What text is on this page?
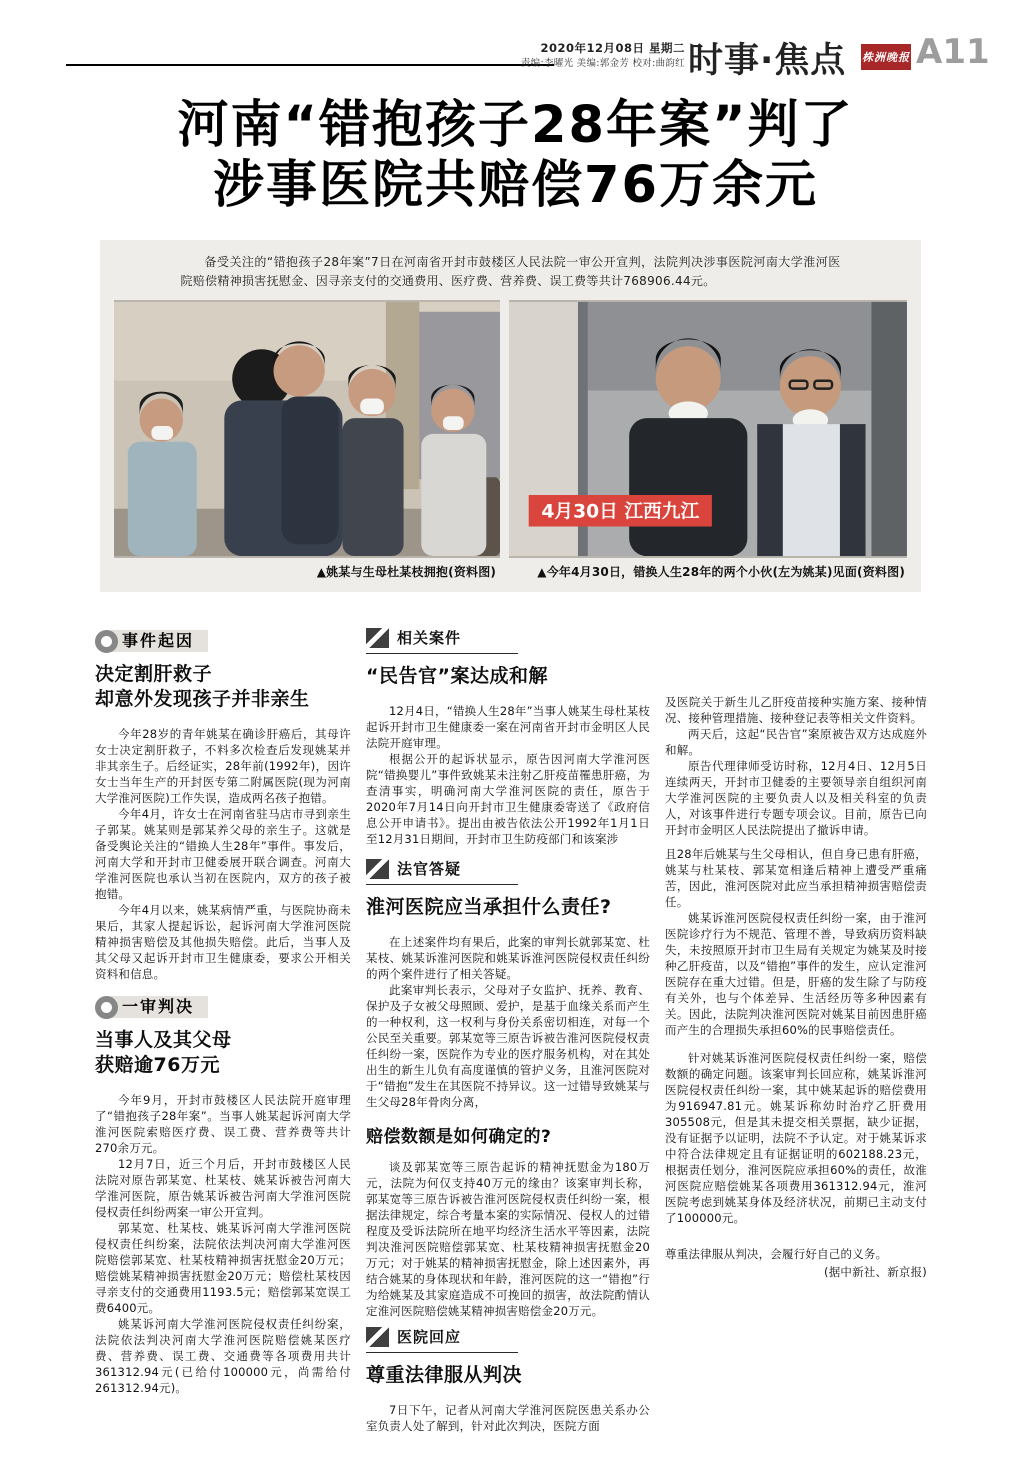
2020年12月08日 星期二
责编:李曜光 美编:郭金芳 校对:曲韵红 时事·焦点 株洲晚报 A11
河南“错抱孩子28年案”判了
涉事医院共赔偿76万余元

备受关注的“错抱孩子28年案”7日在河南省开封市鼓楼区人民法院一审公开宣判，法院判决涉事医院河南大学淮河医院赔偿精神损害抚慰金、因寻亲支付的交通费用、医疗费、营养费、误工费等共计768906.44元。

4月30日 江西九江
▲姚某与生母杜某枝拥抱(资料图)	▲今年4月30日，错换人生28年的两个小伙(左为姚某)见面(资料图)
事件起因
决定割肝救子
却意外发现孩子并非亲生

今年28岁的青年姚某在确诊肝癌后，其母许女士决定割肝救子，不料多次检查后发现姚某并非其亲生子。后经证实，28年前(1992年)，因许女士当年生产的开封医专第二附属医院(现为河南大学淮河医院)工作失误，造成两名孩子抱错。

今年4月，许女士在河南省驻马店市寻到亲生子郭某。姚某则是郭某养父母的亲生子。这就是备受舆论关注的“错换人生28年”事件。事发后，河南大学和开封市卫健委展开联合调查。河南大学淮河医院也承认当初在医院内，双方的孩子被抱错。

今年4月以来，姚某病情严重，与医院协商未果后，其家人提起诉讼，起诉河南大学淮河医院精神损害赔偿及其他损失赔偿。此后，当事人及其父母又起诉开封市卫生健康委，要求公开相关资料和信息。

一审判决
当事人及其父母
获赔逾76万元

今年9月，开封市鼓楼区人民法院开庭审理了“错抱孩子28年案”。当事人姚某起诉河南大学淮河医院索赔医疗费、误工费、营养费等共计270余万元。

12月7日，近三个月后，开封市鼓楼区人民法院对原告郭某宽、杜某枝、姚某诉被告河南大学淮河医院，原告姚某诉被告河南大学淮河医院侵权责任纠纷两案一审公开宣判。

郭某宽、杜某枝、姚某诉河南大学淮河医院侵权责任纠纷案，法院依法判决河南大学淮河医院赔偿郭某宽、杜某枝精神损害抚慰金20万元；赔偿姚某精神损害抚慰金20万元；赔偿杜某枝因寻亲支付的交通费用1193.5元；赔偿郭某宽误工费6400元。

姚某诉河南大学淮河医院侵权责任纠纷案，法院依法判决河南大学淮河医院赔偿姚某医疗费、营养费、误工费、交通费等各项费用共计361312.94元(已给付100000元，尚需给付261312.94元)。

相关案件
“民告官”案达成和解

12月4日，“错换人生28年”当事人姚某生母杜某枝起诉开封市卫生健康委一案在河南省开封市金明区人民法院开庭审理。

根据公开的起诉状显示，原告因河南大学淮河医院“错换婴儿”事件致姚某未注射乙肝疫苗罹患肝癌，为查清事实，明确河南大学淮河医院的责任，原告于2020年7月14日向开封市卫生健康委寄送了《政府信息公开申请书》。提出由被告依法公开1992年1月1日至12月31日期间，开封市卫生防疫部门和该案涉

法官答疑
淮河医院应当承担什么责任?

在上述案件均有果后，此案的审判长就郭某宽、杜某枝、姚某诉淮河医院和姚某诉淮河医院侵权责任纠纷的两个案件进行了相关答疑。

此案审判长表示，父母对子女监护、抚养、教育、保护及子女被父母照顾、爱护，是基于血缘关系而产生的一种权利，这一权利与身份关系密切相连，对每一个公民至关重要。郭某宽等三原告诉被告淮河医院侵权责任纠纷一案，医院作为专业的医疗服务机构，对在其处出生的新生儿负有高度谨慎的管护义务，且淮河医院对于“错抱”发生在其医院不持异议。这一过错导致姚某与生父母28年骨肉分离，

赔偿数额是如何确定的?

谈及郭某宽等三原告起诉的精神抚慰金为180万元，法院为何仅支持40万元的缘由？该案审判长称，郭某宽等三原告诉被告淮河医院侵权责任纠纷一案，根据法律规定，综合考量本案的实际情况、侵权人的过错程度及受诉法院所在地平均经济生活水平等因素，法院判决淮河医院赔偿郭某宽、杜某枝精神损害抚慰金20万元；对于姚某的精神损害抚慰金，除上述因素外，再结合姚某的身体现状和年龄，淮河医院的这一“错抱”行为给姚某及其家庭造成不可挽回的损害，故法院酌情认定淮河医院赔偿姚某精神损害赔偿金20万元。

医院回应
尊重法律服从判决

7日下午，记者从河南大学淮河医院医患关系办公室负责人处了解到，针对此次判决，医院方面

及医院关于新生儿乙肝疫苗接种实施方案、接种情况、接种管理措施、接种登记表等相关文件资料。

两天后，这起“民告官”案原被告双方达成庭外和解。

原告代理律师受访时称，12月4日、12月5日连续两天，开封市卫健委的主要领导亲自组织河南大学淮河医院的主要负责人以及相关科室的负责人，对该事件进行专题专项会议。目前，原告已向开封市金明区人民法院提出了撤诉申请。

且28年后姚某与生父母相认，但自身已患有肝癌，姚某与杜某枝、郭某宽相逢后精神上遭受严重痛苦，因此，淮河医院对此应当承担精神损害赔偿责任。

姚某诉淮河医院侵权责任纠纷一案，由于淮河医院诊疗行为不规范、管理不善，导致病历资料缺失，未按照原开封市卫生局有关规定为姚某及时接种乙肝疫苗，以及“错抱”事件的发生，应认定淮河医院存在重大过错。但是，肝癌的发生除了与防疫有关外，也与个体差异、生活经历等多种因素有关。因此，法院判决淮河医院对姚某目前因患肝癌而产生的合理损失承担60%的民事赔偿责任。

针对姚某诉淮河医院侵权责任纠纷一案，赔偿数额的确定问题。该案审判长回应称，姚某诉淮河医院侵权责任纠纷一案，其中姚某起诉的赔偿费用为916947.81元。姚某诉称幼时治疗乙肝费用305508元，但是其未提交相关票据，缺少证据，没有证据予以证明，法院不予认定。对于姚某诉求中符合法律规定且有证据证明的602188.23元，根据责任划分，淮河医院应承担60%的责任，故淮河医院应赔偿姚某各项费用361312.94元，淮河医院考虑到姚某身体及经济状况，前期已主动支付了100000元。

尊重法律服从判决，会履行好自己的义务。

(据中新社、新京报)
